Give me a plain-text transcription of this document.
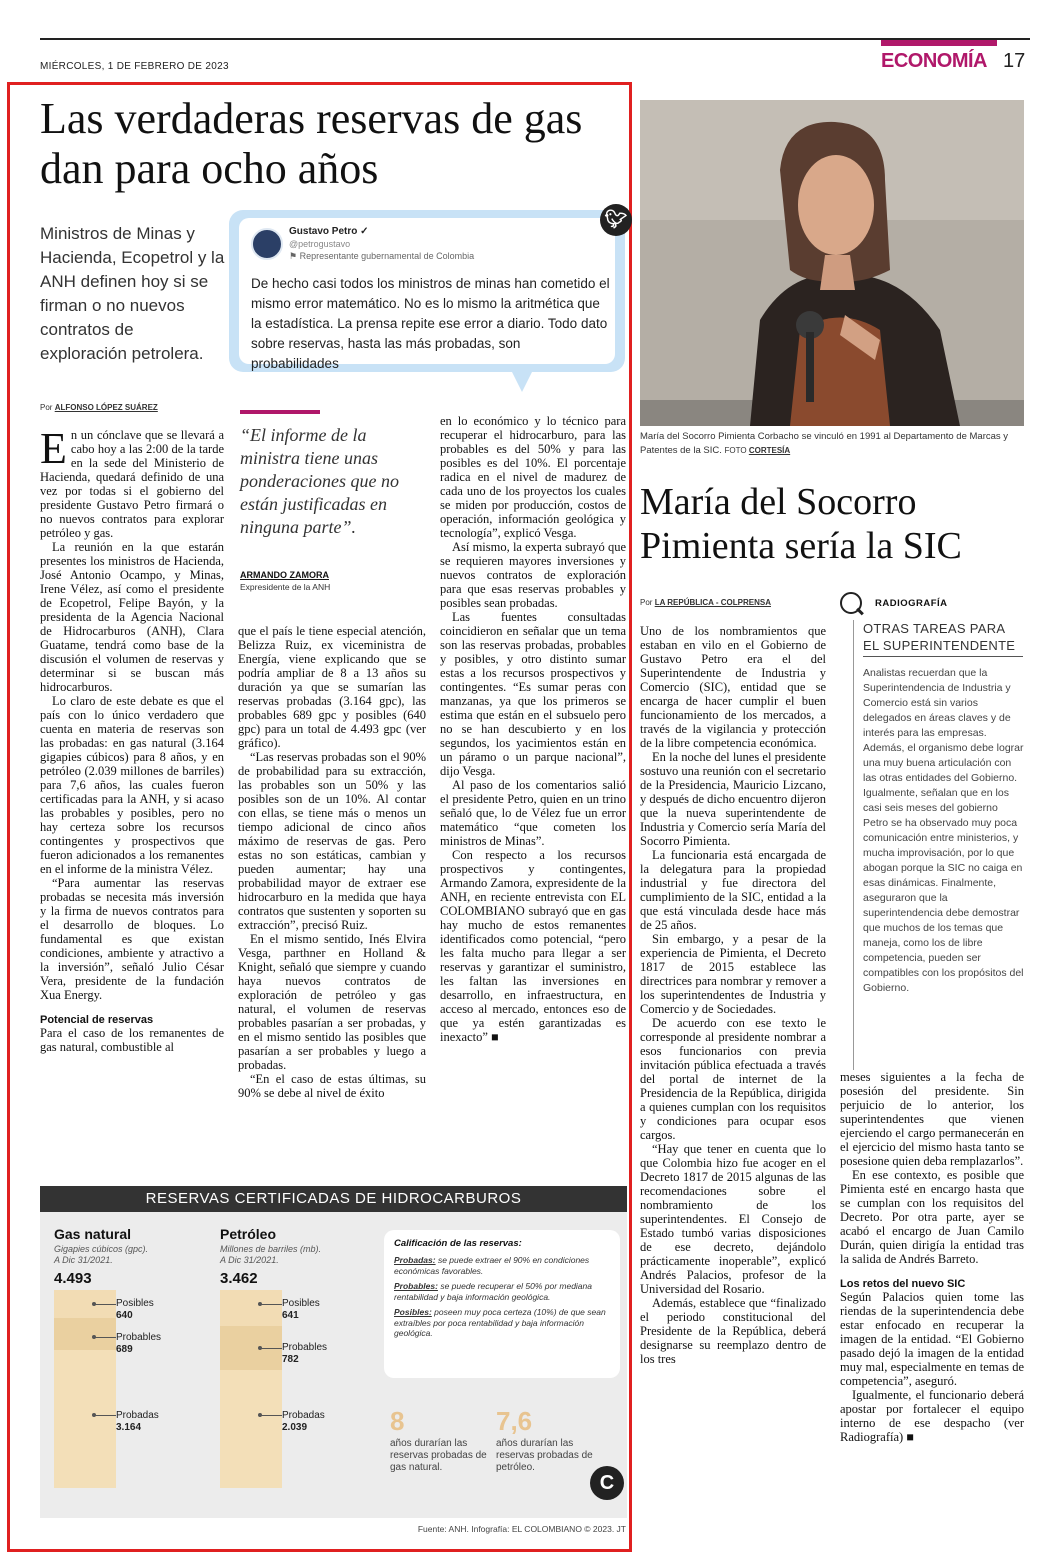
MIÉRCOLES, 1 DE FEBRERO DE 2023	ECONOMÍA 17
Las verdaderas reservas de gas dan para ocho años
Ministros de Minas y Hacienda, Ecopetrol y la ANH definen hoy si se firman o no nuevos contratos de exploración petrolera.
Gustavo Petro ✓
@petrogustavo
⚑ Representante gubernamental de Colombia
De hecho casi todos los ministros de minas han cometido el mismo error matemático. No es lo mismo la aritmética que la estadística. La prensa repite ese error a diario. Todo dato sobre reservas, hasta las más probadas, son probabilidades
🐦︎
Por ALFONSO LÓPEZ SUÁREZ

En un cónclave que se llevará a cabo hoy a las 2:00 de la tarde en la sede del Ministerio de Hacienda, quedará definido de una vez por todas si el gobierno del presidente Gustavo Petro firmará o no nuevos contratos para explorar petróleo y gas.

La reunión en la que estarán presentes los ministros de Hacienda, José Antonio Ocampo, y Minas, Irene Vélez, así como el presidente de Ecopetrol, Felipe Bayón, y la presidenta de la Agencia Nacional de Hidrocarburos (ANH), Clara Guatame, tendrá como base de la discusión el volumen de reservas y determinar si se buscan más hidrocarburos.

Lo claro de este debate es que el país con lo único verdadero que cuenta en materia de reservas son las probadas: en gas natural (3.164 gigapies cúbicos) para 8 años, y en petróleo (2.039 millones de barriles) para 7,6 años, las cuales fueron certificadas para la ANH, y si acaso las probables y posibles, pero no hay certeza sobre los recursos contingentes y prospectivos que fueron adicionados a los remanentes en el informe de la ministra Vélez.

“Para aumentar las reservas probadas se necesita más inversión y la firma de nuevos contratos para el desarrollo de bloques. Lo fundamental es que existan condiciones, ambiente y atractivo a la inversión”, señaló Julio César Vera, presidente de la fundación Xua Energy.

Potencial de reservas

Para el caso de los remanentes de gas natural, combustible al

“El informe de la ministra tiene unas ponderaciones que no están justificadas en ninguna parte”.
ARMANDO ZAMORA
Expresidente de la ANH

que el país le tiene especial atención, Belizza Ruiz, ex viceministra de Energía, viene explicando que se podría ampliar de 8 a 13 años su duración ya que se sumarían las reservas probadas (3.164 gpc), las probables 689 gpc y posibles (640 gpc) para un total de 4.493 gpc (ver gráfico).

“Las reservas probadas son el 90% de probabilidad para su extracción, las probables son un 50% y las posibles son de un 10%. Al contar con ellas, se tiene más o menos un tiempo adicional de cinco años máximo de reservas de gas. Pero estas no son estáticas, cambian y pueden aumentar; hay una probabilidad mayor de extraer ese hidrocarburo en la medida que haya contratos que sustenten y soporten su extracción”, precisó Ruiz.

En el mismo sentido, Inés Elvira Vesga, parthner en Holland & Knight, señaló que siempre y cuando haya nuevos contratos de exploración de petróleo y gas natural, el volumen de reservas probables pasarían a ser probadas, y en el mismo sentido las posibles que pasarían a ser probables y luego a probadas.

“En el caso de estas últimas, su 90% se debe al nivel de éxito

en lo económico y lo técnico para recuperar el hidrocarburo, para las probables es del 50% y para las posibles es del 10%. El porcentaje radica en el nivel de madurez de cada uno de los proyectos los cuales se miden por producción, costos de operación, información geológica y tecnología”, explicó Vesga.

Así mismo, la experta subrayó que se requieren mayores inversiones y nuevos contratos de exploración para que esas reservas probables y posibles sean probadas.

Las fuentes consultadas coincidieron en señalar que un tema son las reservas probadas, probables y posibles, y otro distinto sumar estas a los recursos prospectivos y contingentes. “Es sumar peras con manzanas, ya que los primeros se estima que están en el subsuelo pero no se han descubierto y en los segundos, los yacimientos están en un páramo o un parque nacional”, dijo Vesga.

Al paso de los comentarios salió el presidente Petro, quien en un trino señaló que, lo de Vélez fue un error matemático “que cometen los ministros de Minas”.

Con respecto a los recursos prospectivos y contingentes, Armando Zamora, expresidente de la ANH, en reciente entrevista con EL COLOMBIANO subrayó que en gas hay mucho de estos remanentes identificados como potencial, “pero les falta mucho para llegar a ser reservas y garantizar el suministro, les faltan las inversiones en desarrollo, en infraestructura, en acceso al mercado, entonces eso de que ya estén garantizadas es inexacto” ■

RESERVAS CERTIFICADAS DE HIDROCARBUROS
Gas natural
Gigapies cúbicos (gpc).
A Dic 31/2021.
4.493
Posibles
640
Probables
689
Probadas
3.164
Petróleo
Millones de barriles (mb).
A Dic 31/2021.
3.462
Posibles
641
Probables
782
Probadas
2.039
Calificación de las reservas:
Probadas: se puede extraer el 90% en condiciones económicas favorables.
Probables: se puede recuperar el 50% por mediana rentabilidad y baja información geológica.
Posibles: poseen muy poca certeza (10%) de que sean extraíbles por poca rentabilidad y baja información geológica.
8
años durarían las reservas probadas de gas natural.
7,6
años durarían las reservas probadas de petróleo.
C
Fuente: ANH. Infografía: EL COLOMBIANO © 2023. JT
María del Socorro Pimienta Corbacho se vinculó en 1991 al Departamento de Marcas y Patentes de la SIC. FOTO CORTESÍA
María del Socorro Pimienta sería la SIC
Por LA REPÚBLICA - COLPRENSA

Uno de los nombramientos que estaban en vilo en el Gobierno de Gustavo Petro era el del Superintendente de Industria y Comercio (SIC), entidad que se encarga de hacer cumplir el buen funcionamiento de los mercados, a través de la vigilancia y protección de la libre competencia económica.

En la noche del lunes el presidente sostuvo una reunión con el secretario de la Presidencia, Mauricio Lizcano, y después de dicho encuentro dijeron que la nueva superintendente de Industria y Comercio sería María del Socorro Pimienta.

La funcionaria está encargada de la delegatura para la propiedad industrial y fue directora del cumplimiento de la SIC, entidad a la que está vinculada desde hace más de 25 años.

Sin embargo, y a pesar de la experiencia de Pimienta, el Decreto 1817 de 2015 establece las directrices para nombrar y remover a los superintendentes de Industria y Comercio y de Sociedades.

De acuerdo con ese texto le corresponde al presidente nombrar a esos funcionarios con previa invitación pública efectuada a través del portal de internet de la Presidencia de la República, dirigida a quienes cumplan con los requisitos y condiciones para ocupar esos cargos.

“Hay que tener en cuenta que lo que Colombia hizo fue acoger en el Decreto 1817 de 2015 algunas de las recomendaciones sobre el nombramiento de los superintendentes. El Consejo de Estado tumbó varias disposiciones de ese decreto, dejándolo prácticamente inoperable”, explicó Andrés Palacios, profesor de la Universidad del Rosario.

Además, establece que “finalizado el periodo constitucional del Presidente de la República, deberá designarse su reemplazo dentro de los tres

RADIOGRAFÍA
OTRAS TAREAS PARA EL SUPERINTENDENTE
Analistas recuerdan que la Superintendencia de Industria y Comercio está sin varios delegados en áreas claves y de interés para las empresas. Además, el organismo debe lograr una muy buena articulación con las otras entidades del Gobierno. Igualmente, señalan que en los casi seis meses del gobierno Petro se ha observado muy poca comunicación entre ministerios, y mucha improvisación, por lo que abogan porque la SIC no caiga en esas dinámicas. Finalmente, aseguraron que la superintendencia debe demostrar que muchos de los temas que maneja, como los de libre competencia, pueden ser compatibles con los propósitos del Gobierno.

meses siguientes a la fecha de posesión del presidente. Sin perjuicio de lo anterior, los superintendentes que vienen ejerciendo el cargo permanecerán en el ejercicio del mismo hasta tanto se posesione quien deba remplazarlos”.

En ese contexto, es posible que Pimienta esté en encargo hasta que se cumplan con los requisitos del Decreto. Por otra parte, ayer se acabó el encargo de Juan Camilo Durán, quien dirigía la entidad tras la salida de Andrés Barreto.

Los retos del nuevo SIC

Según Palacios quien tome las riendas de la superintendencia debe estar enfocado en recuperar la imagen de la entidad. “El Gobierno pasado dejó la imagen de la entidad muy mal, especialmente en temas de competencia”, aseguró.

Igualmente, el funcionario deberá apostar por fortalecer el equipo interno de ese despacho (ver Radiografía) ■
